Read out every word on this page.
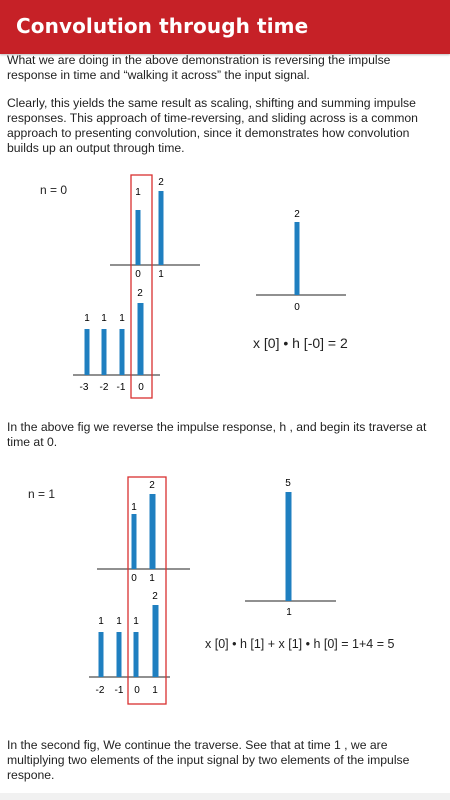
Convolution through time

What we are doing in the above demonstration is reversing the impulse response in time and “walking it across” the input signal.

Clearly, this yields the same result as scaling, shifting and summing impulse responses. This approach of time-reversing, and sliding across is a common approach to presenting convolution, since it demonstrates how convolution builds up an output through time.

n = 0	1
2
0 1
1 1 1
2
-3 -2 -1 0
2
0
x [0] • h [-0] = 2

In the above fig we reverse the impulse response, h , and begin its traverse at time at 0.

n = 1
1
2
0 1
1 1 1
2
-2 -1 0 1
5
1
x [0] • h [1] + x [1] • h [0] = 1+4 = 5

In the second fig, We continue the traverse. See that at time 1 , we are multiplying two elements of the input signal by two elements of the impulse respone.
